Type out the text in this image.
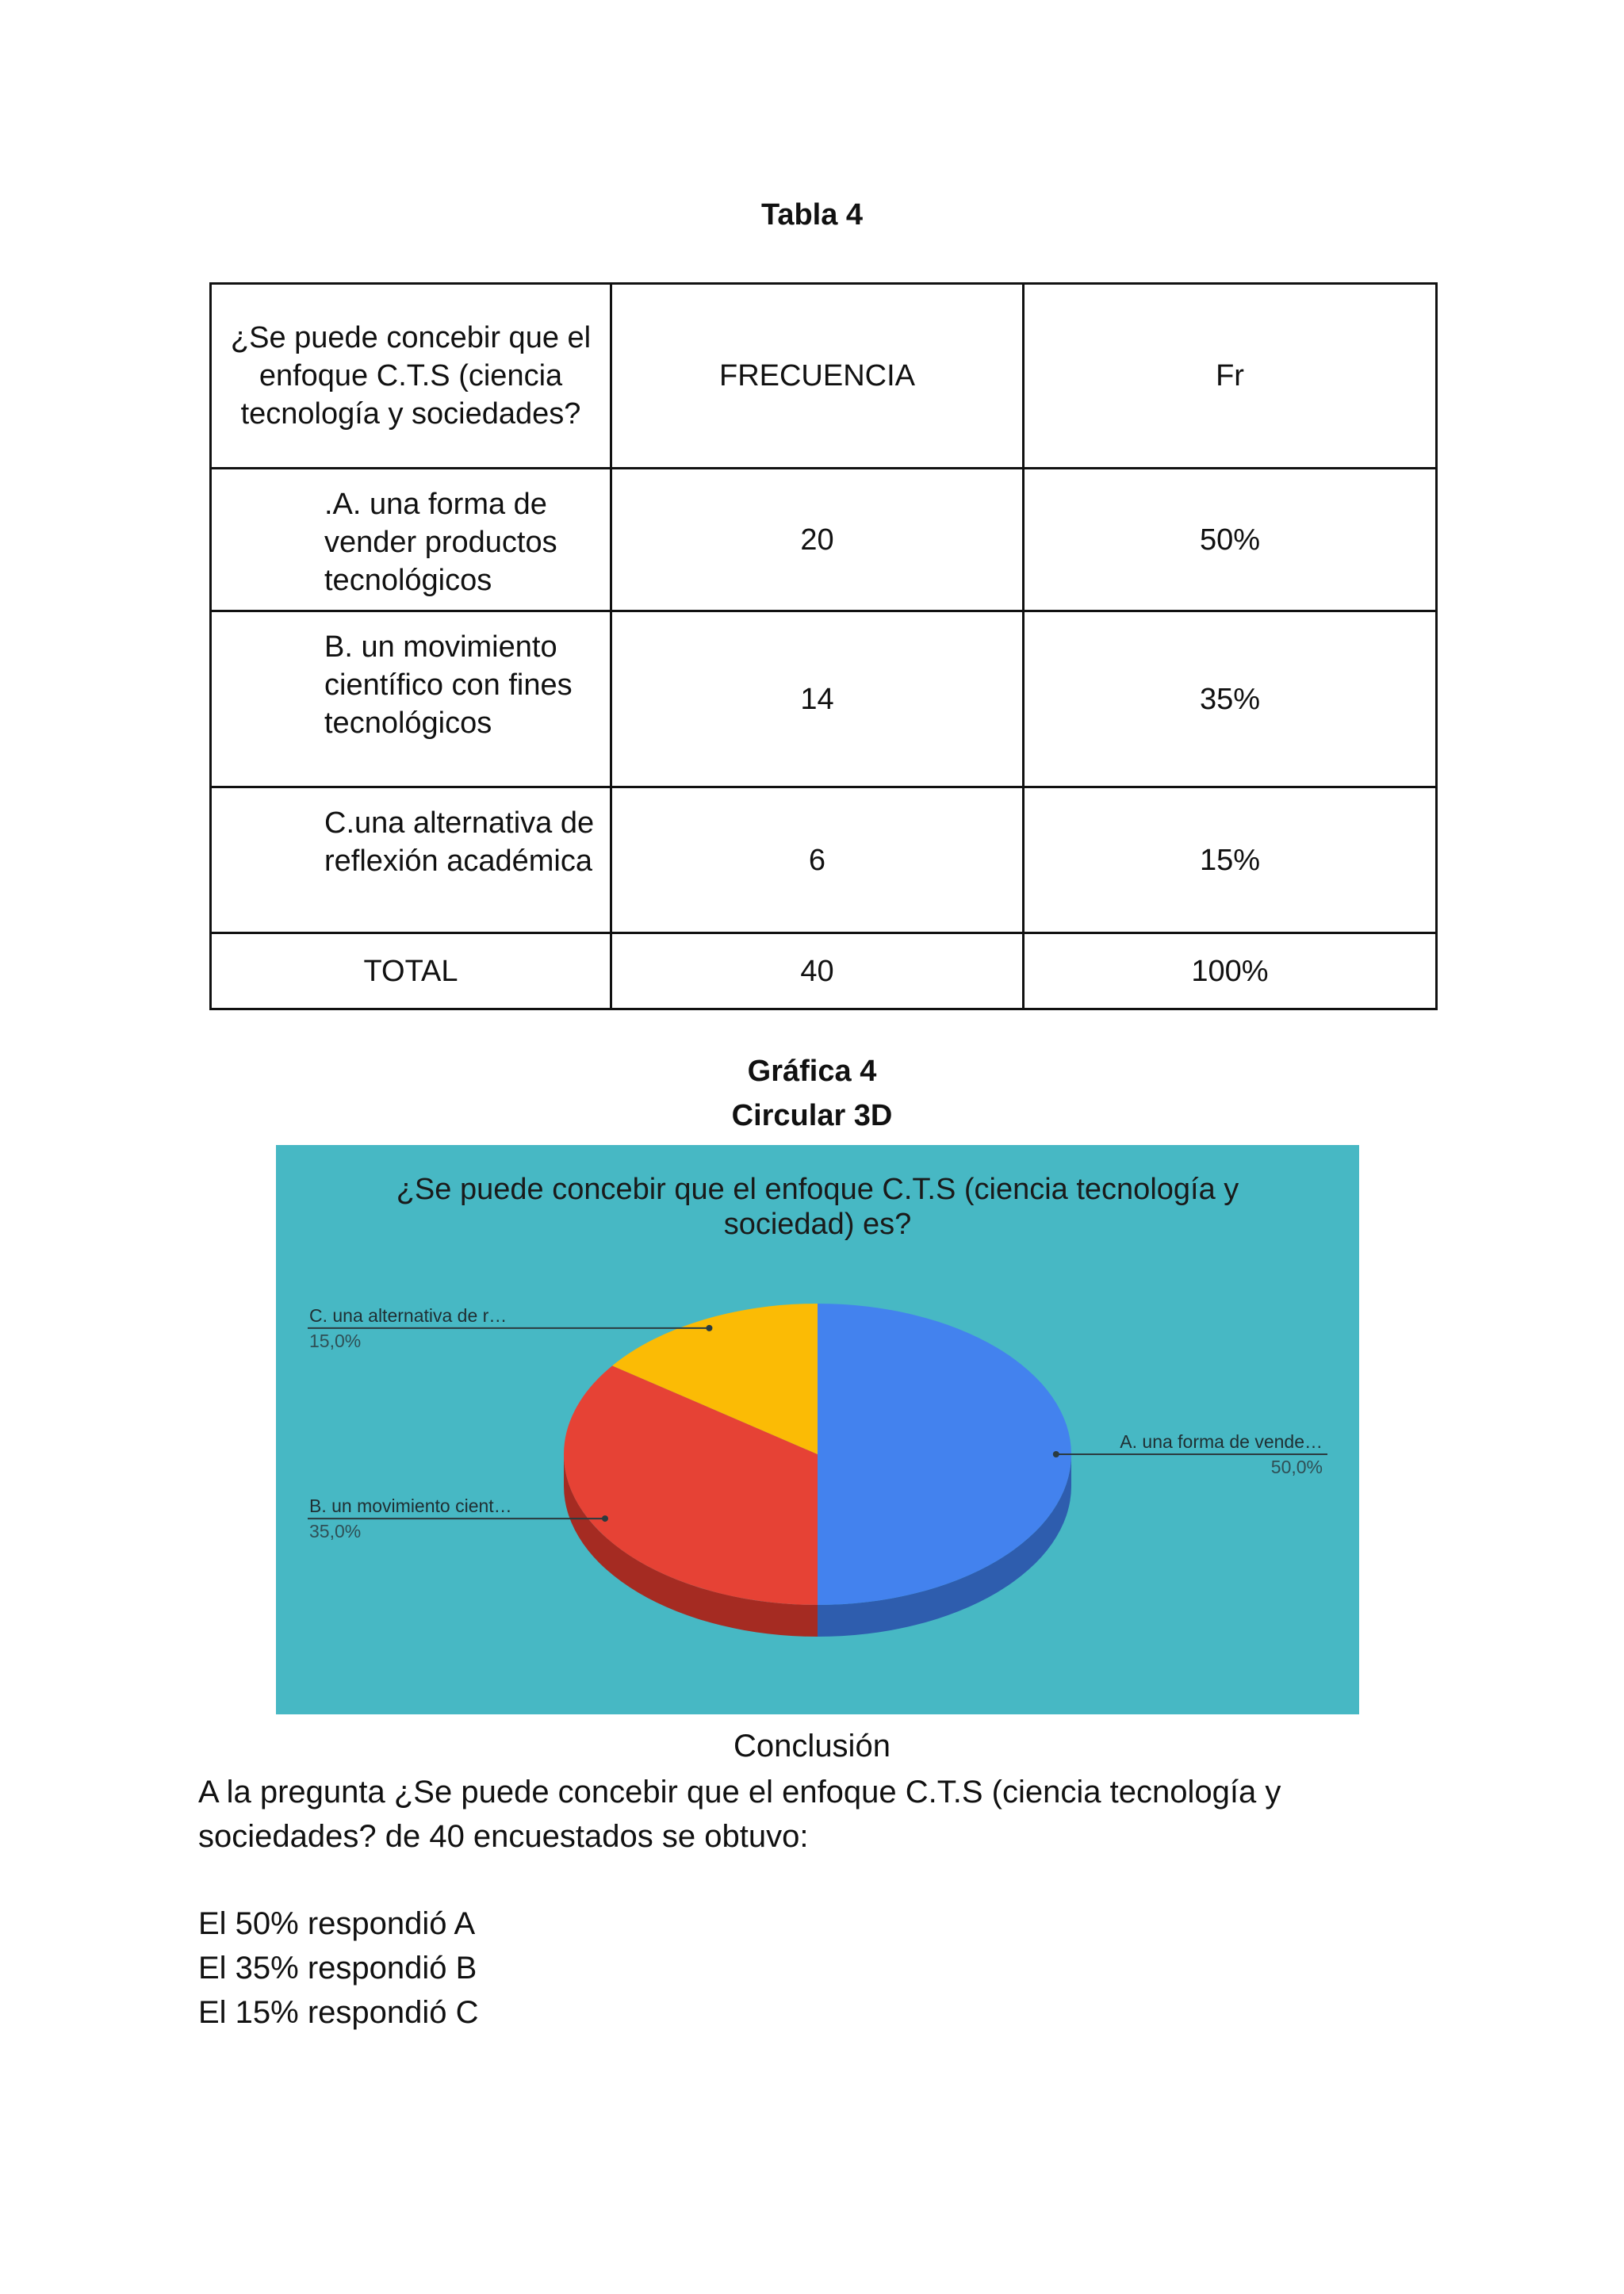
Tabla 4
¿Se puede concebir que el enfoque C.T.S (ciencia tecnología y sociedades?	FRECUENCIA	Fr
.A. una forma de vender productos tecnológicos	20	50%
B. un movimiento científico con fines tecnológicos	14	35%
C.una alternativa de reflexión académica	6	15%
TOTAL	40	100%
Gráfica 4
Circular 3D
¿Se puede concebir que el enfoque C.T.S (ciencia tecnología y
sociedad) es?
A. una forma de vende…
50,0%
B. un movimiento cient…
35,0%
C. una alternativa de r…
15,0%

Conclusión

A la pregunta ¿Se puede concebir que el enfoque C.T.S (ciencia tecnología y

sociedades? de 40 encuestados se obtuvo:

El 50% respondió A

El 35% respondió B

El 15% respondió C
